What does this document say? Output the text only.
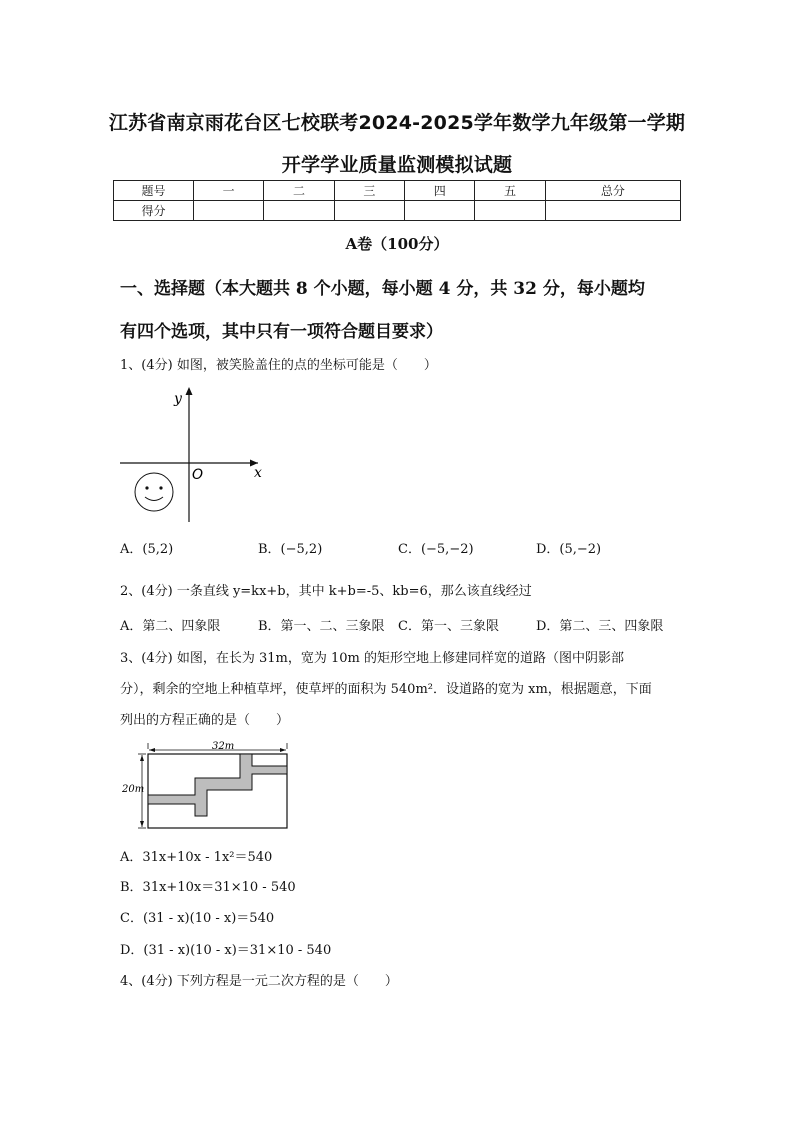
江苏省南京雨花台区七校联考2024-2025学年数学九年级第一学期
开学学业质量监测模拟试题
题号	一	二	三	四	五	总分
得分						
A卷（100分）
一、选择题（本大题共 8 个小题，每小题 4 分，共 32 分，每小题均
有四个选项，其中只有一项符合题目要求）
1、(4分) 如图，被笑脸盖住的点的坐标可能是（　　）
y
x
O
A．(5,2)	B．(−5,2)	C．(−5,−2)	D．(5,−2)
2、(4分) 一条直线 y=kx+b，其中 k+b=-5、kb=6，那么该直线经过
A．第二、四象限	B．第一、二、三象限 C．第一、三象限	D．第二、三、四象限
3、(4分) 如图，在长为 31m，宽为 10m 的矩形空地上修建同样宽的道路（图中阴影部
分），剩余的空地上种植草坪，使草坪的面积为 540m²．设道路的宽为 xm，根据题意，下面
列出的方程正确的是（　　）
32m
20m
A．31x+10x - 1x²＝540
B．31x+10x＝31×10 - 540
C．(31 - x)(10 - x)＝540
D．(31 - x)(10 - x)＝31×10 - 540
4、(4分) 下列方程是一元二次方程的是（　　）
